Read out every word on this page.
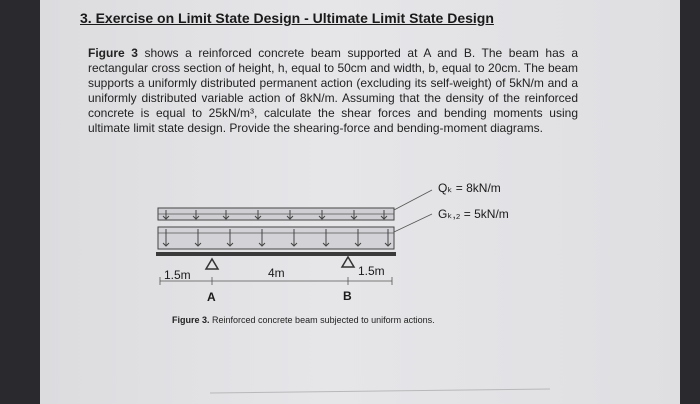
3. Exercise on Limit State Design - Ultimate Limit State Design
Figure 3 shows a reinforced concrete beam supported at A and B. The beam has a rectangular cross section of height, h, equal to 50cm and width, b, equal to 20cm. The beam supports a uniformly distributed permanent action (excluding its self-weight) of 5kN/m and a uniformly distributed variable action of 8kN/m. Assuming that the density of the reinforced concrete is equal to 25kN/m³, calculate the shear forces and bending moments using ultimate limit state design. Provide the shearing-force and bending-moment diagrams.
Figure 3. Reinforced concrete beam subjected to uniform actions.
Qₖ = 8kN/m
Gₖ,₂ = 5kN/m
1.5m	4m	1.5m
A	B
